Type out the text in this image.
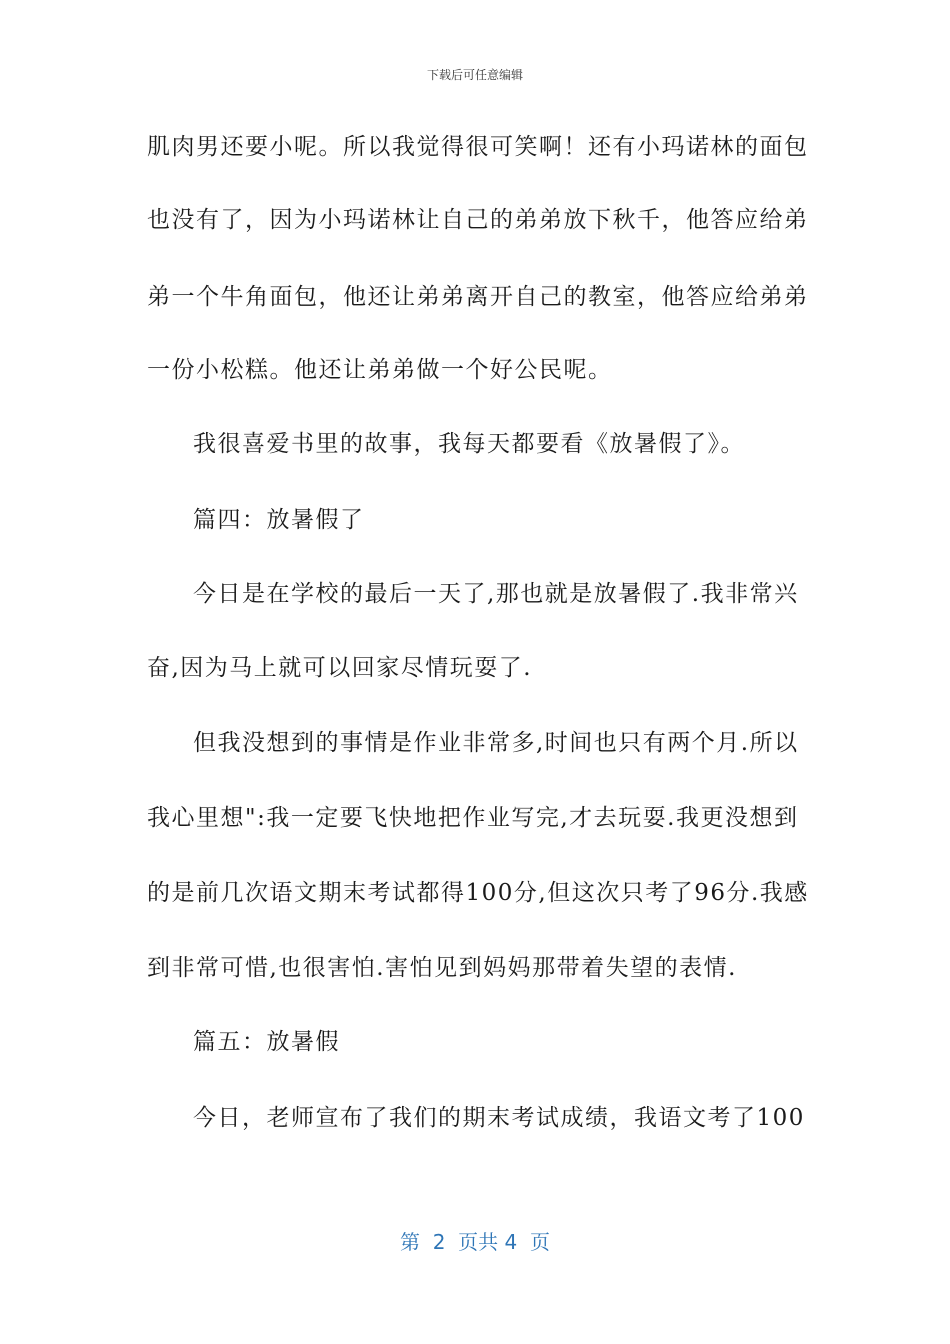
下载后可任意编辑
肌肉男还要小呢。所以我觉得很可笑啊！还有小玛诺林的面包
也没有了，因为小玛诺林让自己的弟弟放下秋千，他答应给弟
弟一个牛角面包，他还让弟弟离开自己的教室，他答应给弟弟
一份小松糕。他还让弟弟做一个好公民呢。
我很喜爱书里的故事，我每天都要看《放暑假了》。
篇四：放暑假了
今日是在学校的最后一天了,那也就是放暑假了.我非常兴
奋,因为马上就可以回家尽情玩耍了.
但我没想到的事情是作业非常多,时间也只有两个月.所以
我心里想":我一定要飞快地把作业写完,才去玩耍.我更没想到
的是前几次语文期末考试都得100分,但这次只考了96分.我感
到非常可惜,也很害怕.害怕见到妈妈那带着失望的表情.
篇五：放暑假
今日，老师宣布了我们的期末考试成绩，我语文考了100
第  2  页共 4  页
